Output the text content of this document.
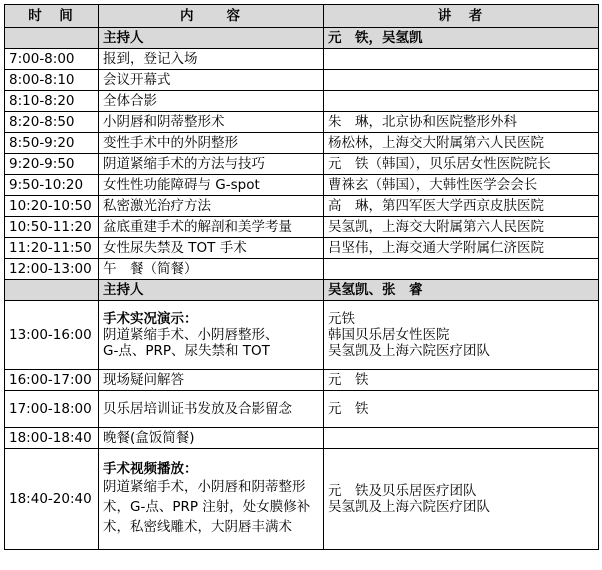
时　间	内　　容	讲　者
	主持人	元　铁，吴氢凯
7:00-8:00	报到，登记入场	
8:00-8:10	会议开幕式	
8:10-8:20	全体合影	
8:20-8:50	小阴唇和阴蒂整形术	朱　琳，北京协和医院整形外科
8:50-9:20	变性手术中的外阴整形	杨松林，上海交大附属第六人民医院
9:20-9:50	阴道紧缩手术的方法与技巧	元　铁（韩国），贝乐居女性医院院长
9:50-10:20	女性性功能障碍与 G-spot	曹祩玄（韩国），大韩性医学会会长
10:20-10:50	私密激光治疗方法	高　琳，第四军医大学西京皮肤医院
10:50-11:20	盆底重建手术的解剖和美学考量	吴氢凯，上海交大附属第六人民医院
11:20-11:50	女性尿失禁及 TOT 手术	吕坚伟，上海交通大学附属仁济医院
12:00-13:00	午　餐（简餐）	
	主持人	吴氢凯、张　睿
13:00-16:00	手术实况演示：
阴道紧缩手术、小阴唇整形、
G-点、PRP、尿失禁和 TOT	元铁
韩国贝乐居女性医院
吴氢凯及上海六院医疗团队

16:00-17:00	现场疑问解答	元　铁
17:00-18:00	贝乐居培训证书发放及合影留念	元　铁
18:00-18:40	晚餐(盒饭简餐)	
18:40-20:40	手术视频播放：
阴道紧缩手术，小阴唇和阴蒂整形术，G-点、PRP 注射，处女膜修补术，私密线雕术，大阴唇丰满术	元　铁及贝乐居医疗团队
吴氢凯及上海六院医疗团队
